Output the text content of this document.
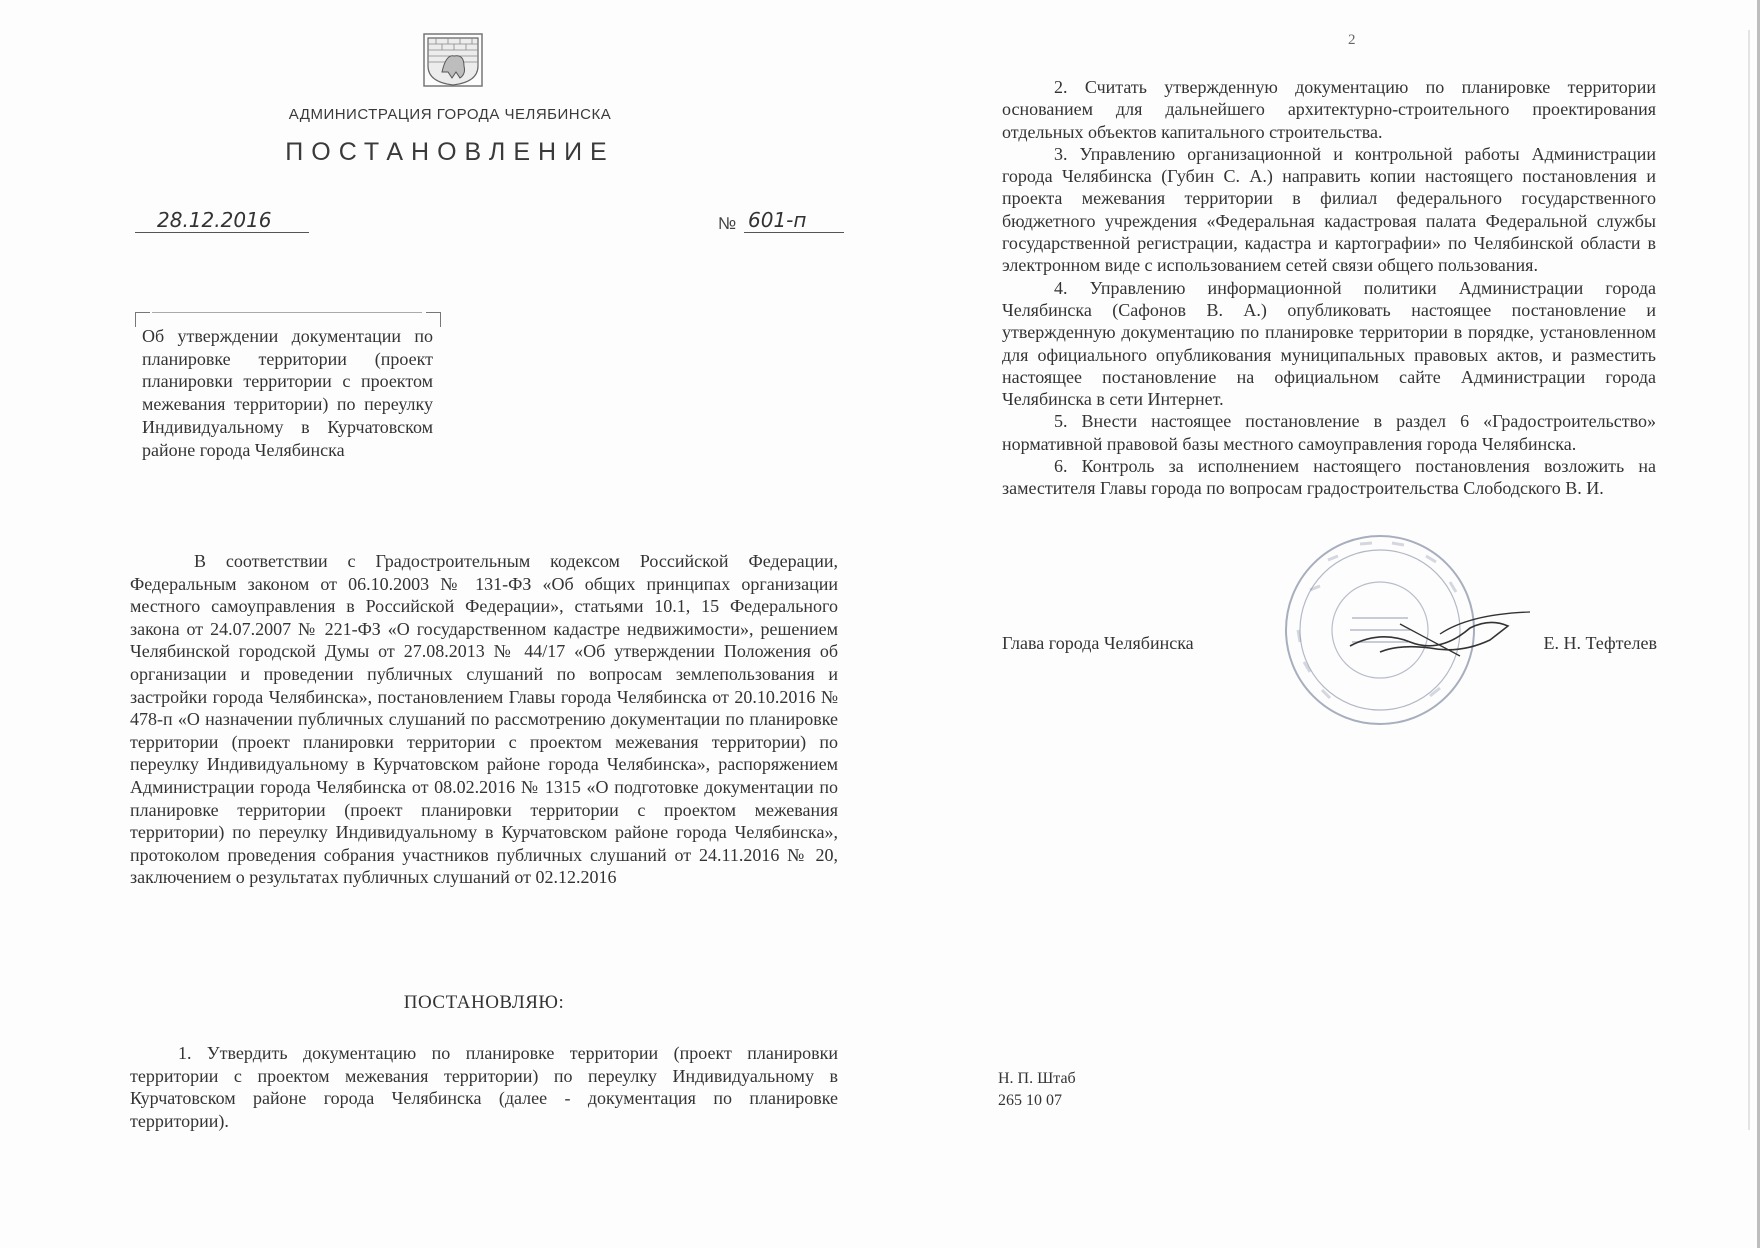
АДМИНИСТРАЦИЯ ГОРОДА ЧЕЛЯБИНСКА
ПОСТАНОВЛЕНИЕ
28.12.2016	№ 601-п
Об утверждении документации по планировке территории (проект планировки территории с проектом межевания территории) по переулку Индивидуальному в Курчатовском районе города Челябинска
В соответствии с Градостроительным кодексом Российской Федерации, Федеральным законом от 06.10.2003 № 131-ФЗ «Об общих принципах организации местного самоуправления в Российской Федерации», статьями 10.1, 15 Федерального закона от 24.07.2007 № 221-ФЗ «О государственном кадастре недвижимости», решением Челябинской городской Думы от 27.08.2013 № 44/17 «Об утверждении Положения об организации и проведении публичных слушаний по вопросам землепользования и застройки города Челябинска», постановлением Главы города Челябинска от 20.10.2016 № 478-п «О назначении публичных слушаний по рассмотрению документации по планировке территории (проект планировки территории с проектом межевания территории) по переулку Индивидуальному в Курчатовском районе города Челябинска», распоряжением Администрации города Челябинска от 08.02.2016 № 1315 «О подготовке документации по планировке территории (проект планировки территории с проектом межевания территории) по переулку Индивидуальному в Курчатовском районе города Челябинска», протоколом проведения собрания участников публичных слушаний от 24.11.2016 № 20, заключением о результатах публичных слушаний от 02.12.2016
ПОСТАНОВЛЯЮ:
1. Утвердить документацию по планировке территории (проект планировки территории с проектом межевания территории) по переулку Индивидуальному в Курчатовском районе города Челябинска (далее - документация по планировке территории).
2

2. Считать утвержденную документацию по планировке территории основанием для дальнейшего архитектурно-строительного проектирования отдельных объектов капитального строительства.

3. Управлению организационной и контрольной работы Администрации города Челябинска (Губин С. А.) направить копии настоящего постановления и проекта межевания территории в филиал федерального государственного бюджетного учреждения «Федеральная кадастровая палата Федеральной службы государственной регистрации, кадастра и картографии» по Челябинской области в электронном виде с использованием сетей связи общего пользования.

4. Управлению информационной политики Администрации города Челябинска (Сафонов В. А.) опубликовать настоящее постановление и утвержденную документацию по планировке территории в порядке, установленном для официального опубликования муниципальных правовых актов, и разместить настоящее постановление на официальном сайте Администрации города Челябинска в сети Интернет.

5. Внести настоящее постановление в раздел 6 «Градостроительство» нормативной правовой базы местного самоуправления города Челябинска.

6. Контроль за исполнением настоящего постановления возложить на заместителя Главы города по вопросам градостроительства Слободского В. И.

Глава города Челябинска	Е. Н. Тефтелев
Н. П. Штаб
265 10 07
